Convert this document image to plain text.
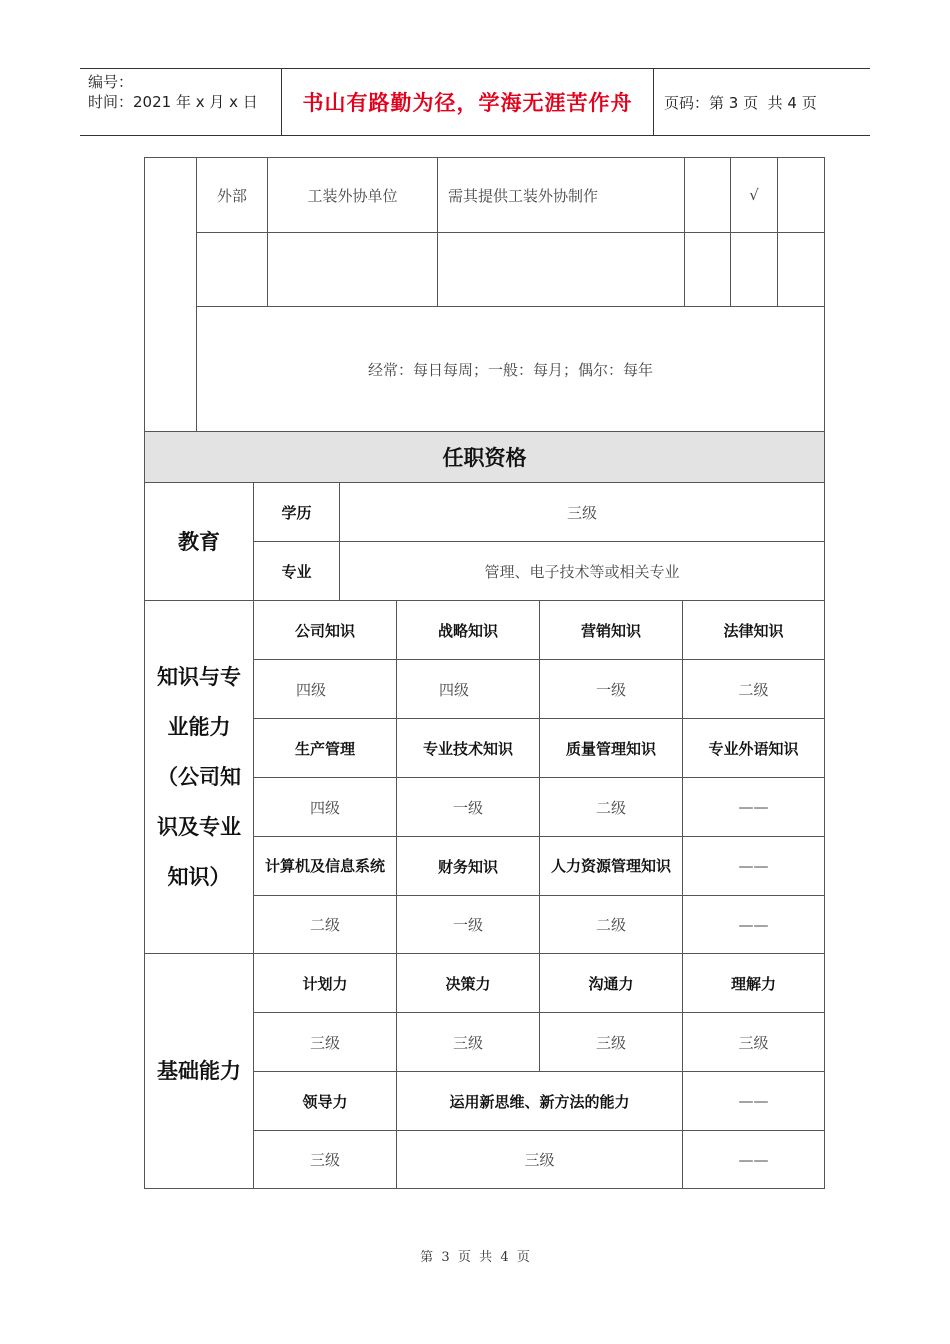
编号：
时间：2021 年 x 月 x 日	书山有路勤为径，学海无涯苦作舟 页码：第 3 页  共 4 页
外部	工装外协单位	需其提供工装外协制作	√
经常：每日每周；一般：每月；偶尔：每年
任职资格
教育
学历	三级
专业	管理、电子技术等或相关专业
知识与专业能力（公司知识及专业知识）
公司知识	战略知识	营销知识	法律知识
四级	四级	一级	二级
生产管理	专业技术知识	质量管理知识	专业外语知识
四级	一级	二级	——
计算机及信息系统	财务知识	人力资源管理知识	——
二级	一级	二级	——
基础能力
计划力	决策力	沟通力	理解力
三级	三级	三级	三级
领导力	运用新思维、新方法的能力	——
三级	三级	——
第  3  页  共  4  页
